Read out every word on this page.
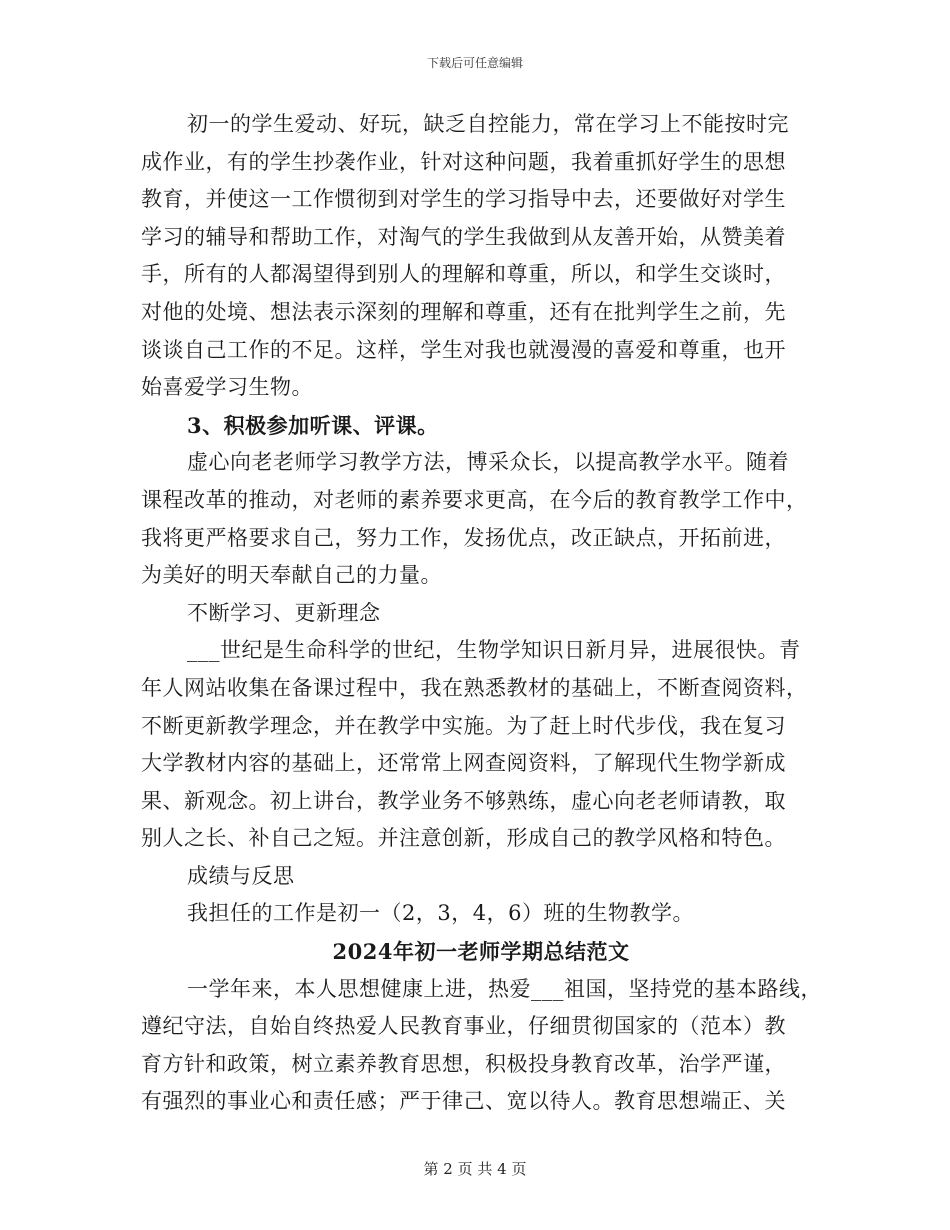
下载后可任意编辑
初一的学生爱动、好玩，缺乏自控能力，常在学习上不能按时完
成作业，有的学生抄袭作业，针对这种问题，我着重抓好学生的思想
教育，并使这一工作惯彻到对学生的学习指导中去，还要做好对学生
学习的辅导和帮助工作，对淘气的学生我做到从友善开始，从赞美着
手，所有的人都渴望得到别人的理解和尊重，所以，和学生交谈时，
对他的处境、想法表示深刻的理解和尊重，还有在批判学生之前，先
谈谈自己工作的不足。这样，学生对我也就漫漫的喜爱和尊重，也开
始喜爱学习生物。
3、积极参加听课、评课。
虚心向老老师学习教学方法，博采众长，以提高教学水平。随着
课程改革的推动，对老师的素养要求更高，在今后的教育教学工作中，
我将更严格要求自己，努力工作，发扬优点，改正缺点，开拓前进，
为美好的明天奉献自己的力量。
不断学习、更新理念
___世纪是生命科学的世纪，生物学知识日新月异，进展很快。青
年人网站收集在备课过程中，我在熟悉教材的基础上，不断查阅资料，
不断更新教学理念，并在教学中实施。为了赶上时代步伐，我在复习
大学教材内容的基础上，还常常上网查阅资料，了解现代生物学新成
果、新观念。初上讲台，教学业务不够熟练，虚心向老老师请教，取
别人之长、补自己之短。并注意创新，形成自己的教学风格和特色。
成绩与反思
我担任的工作是初一（2，3，4，6）班的生物教学。
2024年初一老师学期总结范文
一学年来，本人思想健康上进，热爱___祖国，坚持党的基本路线，
遵纪守法，自始自终热爱人民教育事业，仔细贯彻国家的（范本）教
育方针和政策，树立素养教育思想，积极投身教育改革，治学严谨，
有强烈的事业心和责任感；严于律己、宽以待人。教育思想端正、关
第 2 页 共 4 页
